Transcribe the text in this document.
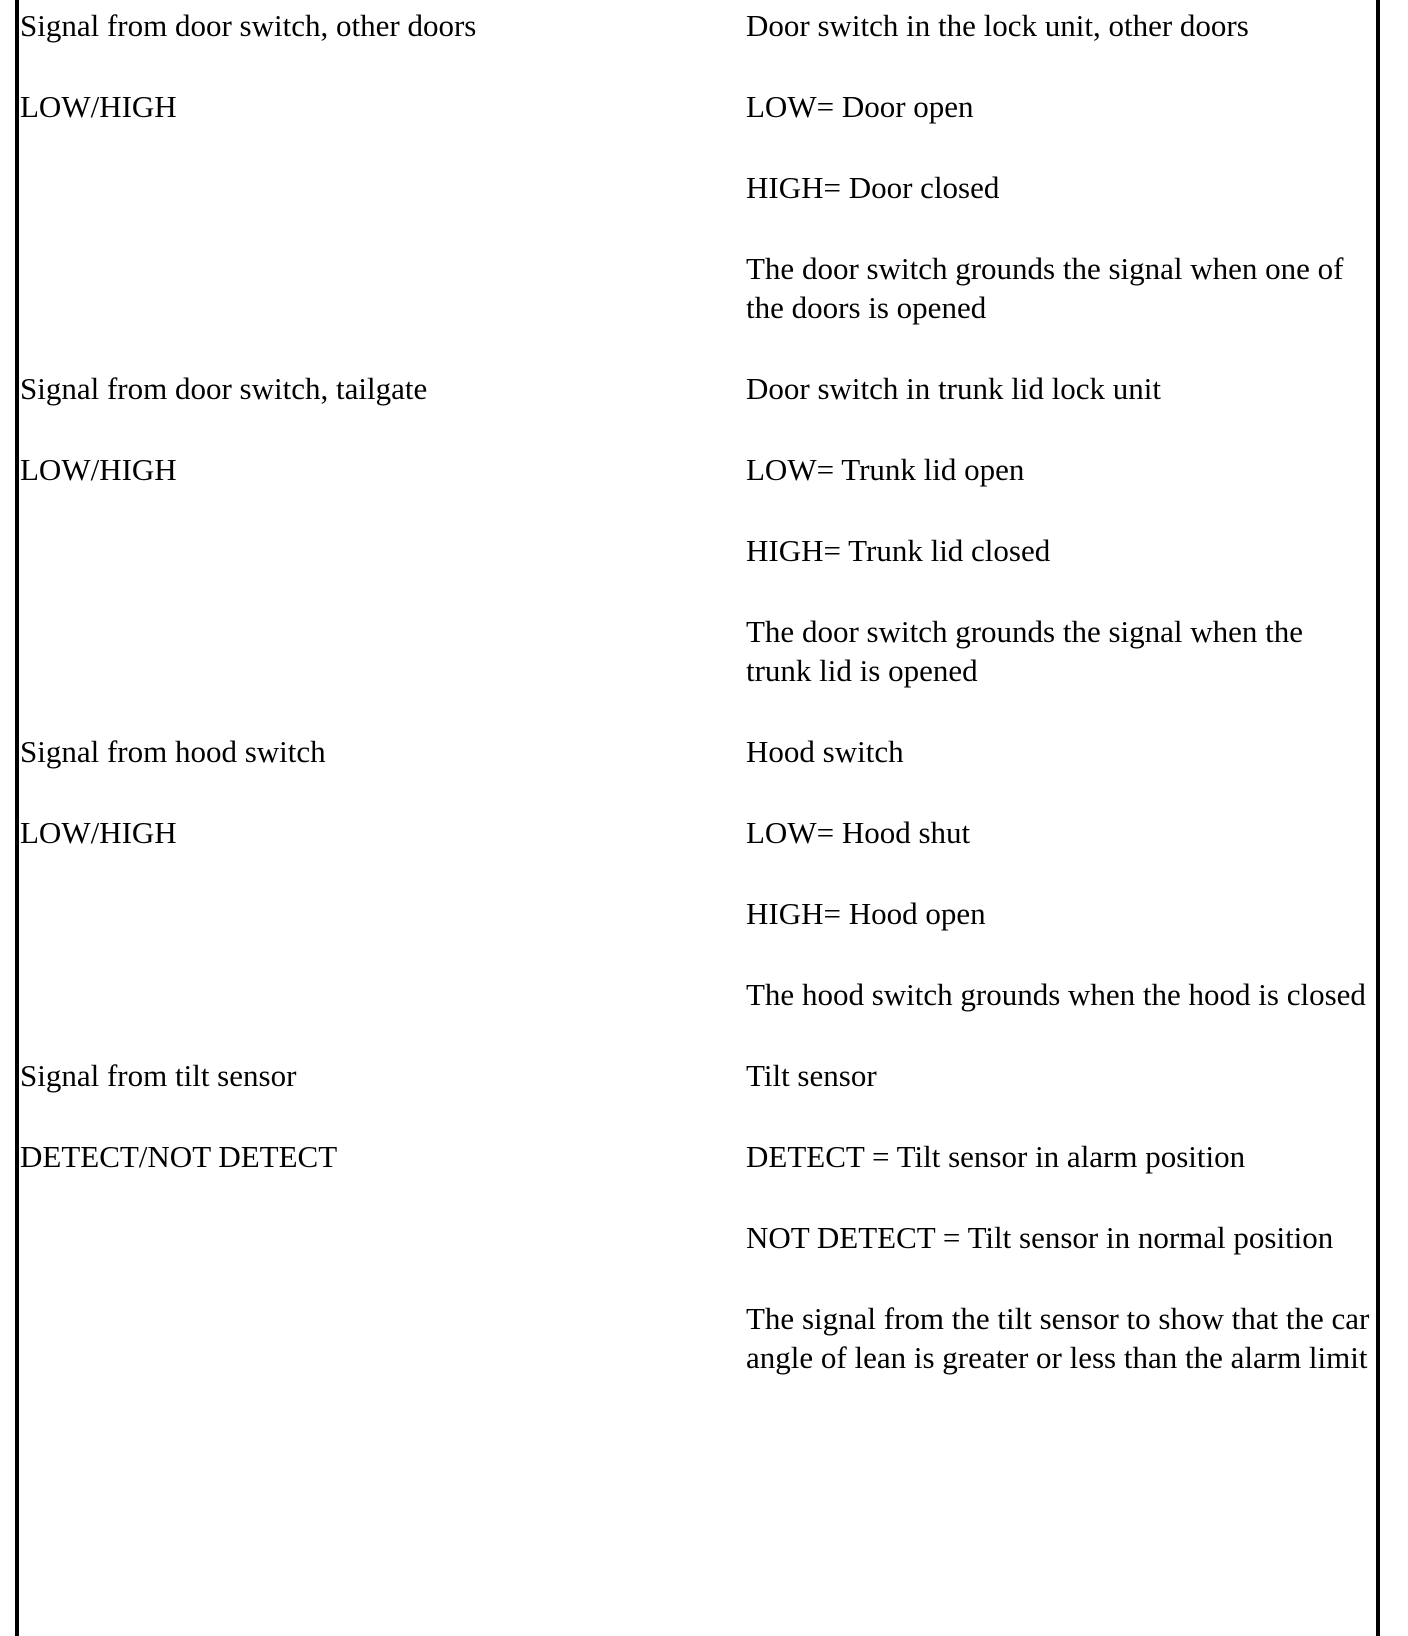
Signal from door switch, other doors

LOW/HIGH

Door switch in the lock unit, other doors

LOW= Door open

HIGH= Door closed

The door switch grounds the signal when one of the doors is opened

Signal from door switch, tailgate

LOW/HIGH

Door switch in trunk lid lock unit

LOW= Trunk lid open

HIGH= Trunk lid closed

The door switch grounds the signal when the trunk lid is opened

Signal from hood switch

LOW/HIGH

Hood switch

LOW= Hood shut

HIGH= Hood open

The hood switch grounds when the hood is closed

Signal from tilt sensor

DETECT/NOT DETECT

Tilt sensor

DETECT = Tilt sensor in alarm position

NOT DETECT = Tilt sensor in normal position

The signal from the tilt sensor to show that the car angle of lean is greater or less than the alarm limit
